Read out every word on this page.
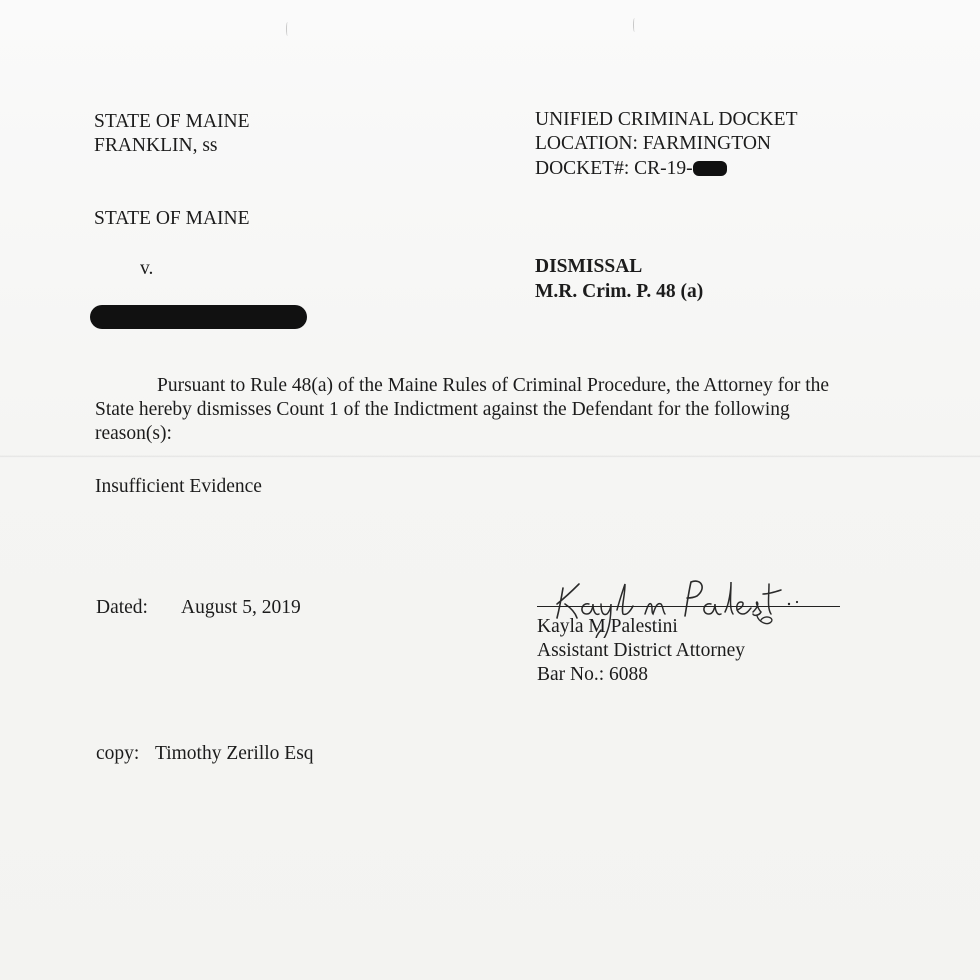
STATE OF MAINE
FRANKLIN, ss
UNIFIED CRIMINAL DOCKET
LOCATION: FARMINGTON
DOCKET#: CR-19-
STATE OF MAINE
v.	DISMISSAL
M.R. Crim. P. 48 (a)

Pursuant to Rule 48(a) of the Maine Rules of Criminal Procedure, the Attorney for the State hereby dismisses Count 1 of the Indictment against the Defendant for the following reason(s):

Insufficient Evidence
Dated: August 5, 2019
Kayla M Palestini
Assistant District Attorney
Bar No.: 6088
copy: Timothy Zerillo Esq
